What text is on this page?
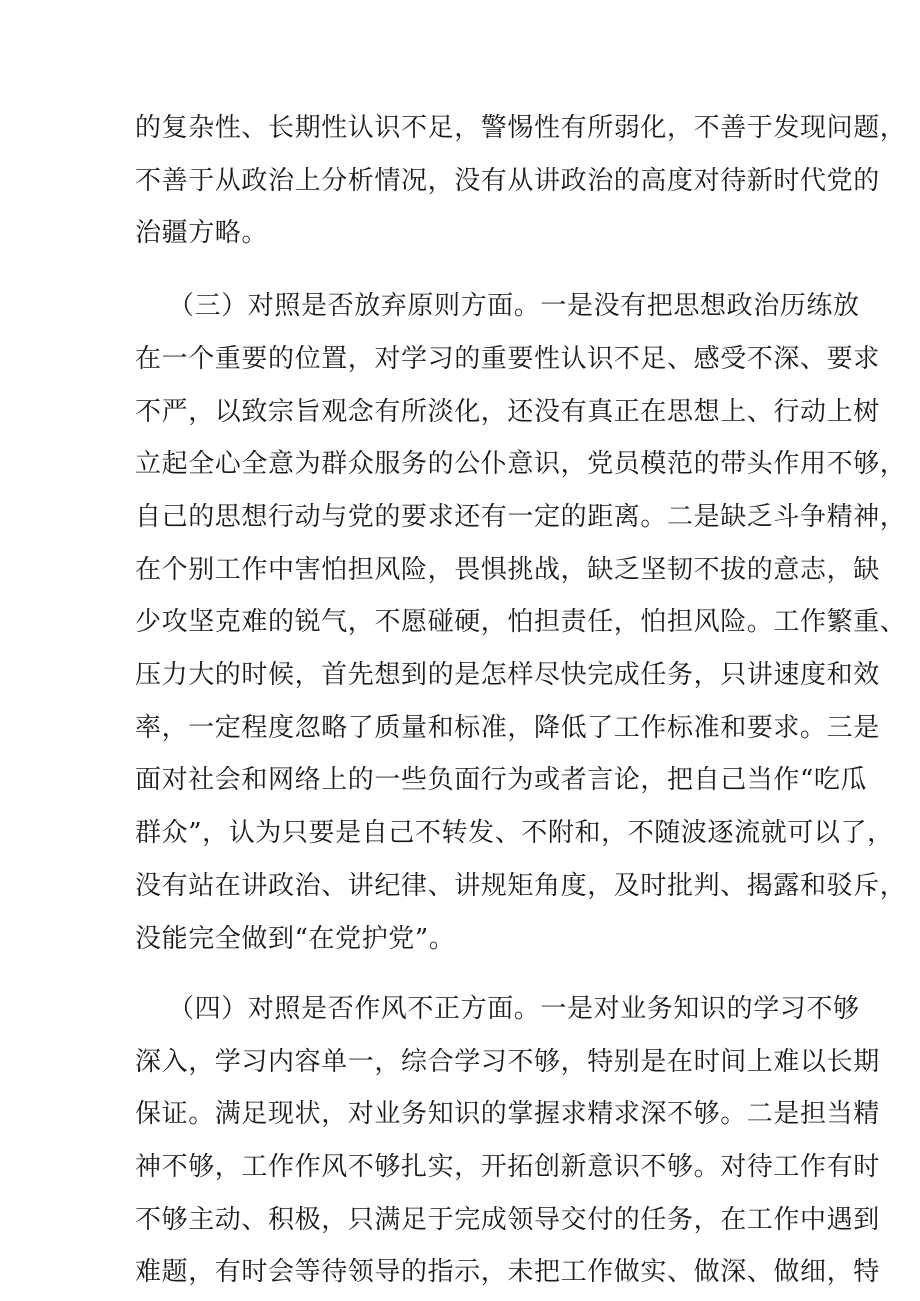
的复杂性、长期性认识不足，警惕性有所弱化，不善于发现问题，
不善于从政治上分析情况，没有从讲政治的高度对待新时代党的
治疆方略。
（三）对照是否放弃原则方面。一是没有把思想政治历练放
在一个重要的位置，对学习的重要性认识不足、感受不深、要求
不严，以致宗旨观念有所淡化，还没有真正在思想上、行动上树
立起全心全意为群众服务的公仆意识，党员模范的带头作用不够，
自己的思想行动与党的要求还有一定的距离。二是缺乏斗争精神，
在个别工作中害怕担风险，畏惧挑战，缺乏坚韧不拔的意志，缺
少攻坚克难的锐气，不愿碰硬，怕担责任，怕担风险。工作繁重、
压力大的时候，首先想到的是怎样尽快完成任务，只讲速度和效
率，一定程度忽略了质量和标准，降低了工作标准和要求。三是
面对社会和网络上的一些负面行为或者言论，把自己当作“吃瓜
群众”，认为只要是自己不转发、不附和，不随波逐流就可以了，
没有站在讲政治、讲纪律、讲规矩角度，及时批判、揭露和驳斥，
没能完全做到“在党护党”。
（四）对照是否作风不正方面。一是对业务知识的学习不够
深入，学习内容单一，综合学习不够，特别是在时间上难以长期
保证。满足现状，对业务知识的掌握求精求深不够。二是担当精
神不够，工作作风不够扎实，开拓创新意识不够。对待工作有时
不够主动、积极，只满足于完成领导交付的任务，在工作中遇到
难题，有时会等待领导的指示，未把工作做实、做深、做细，特
